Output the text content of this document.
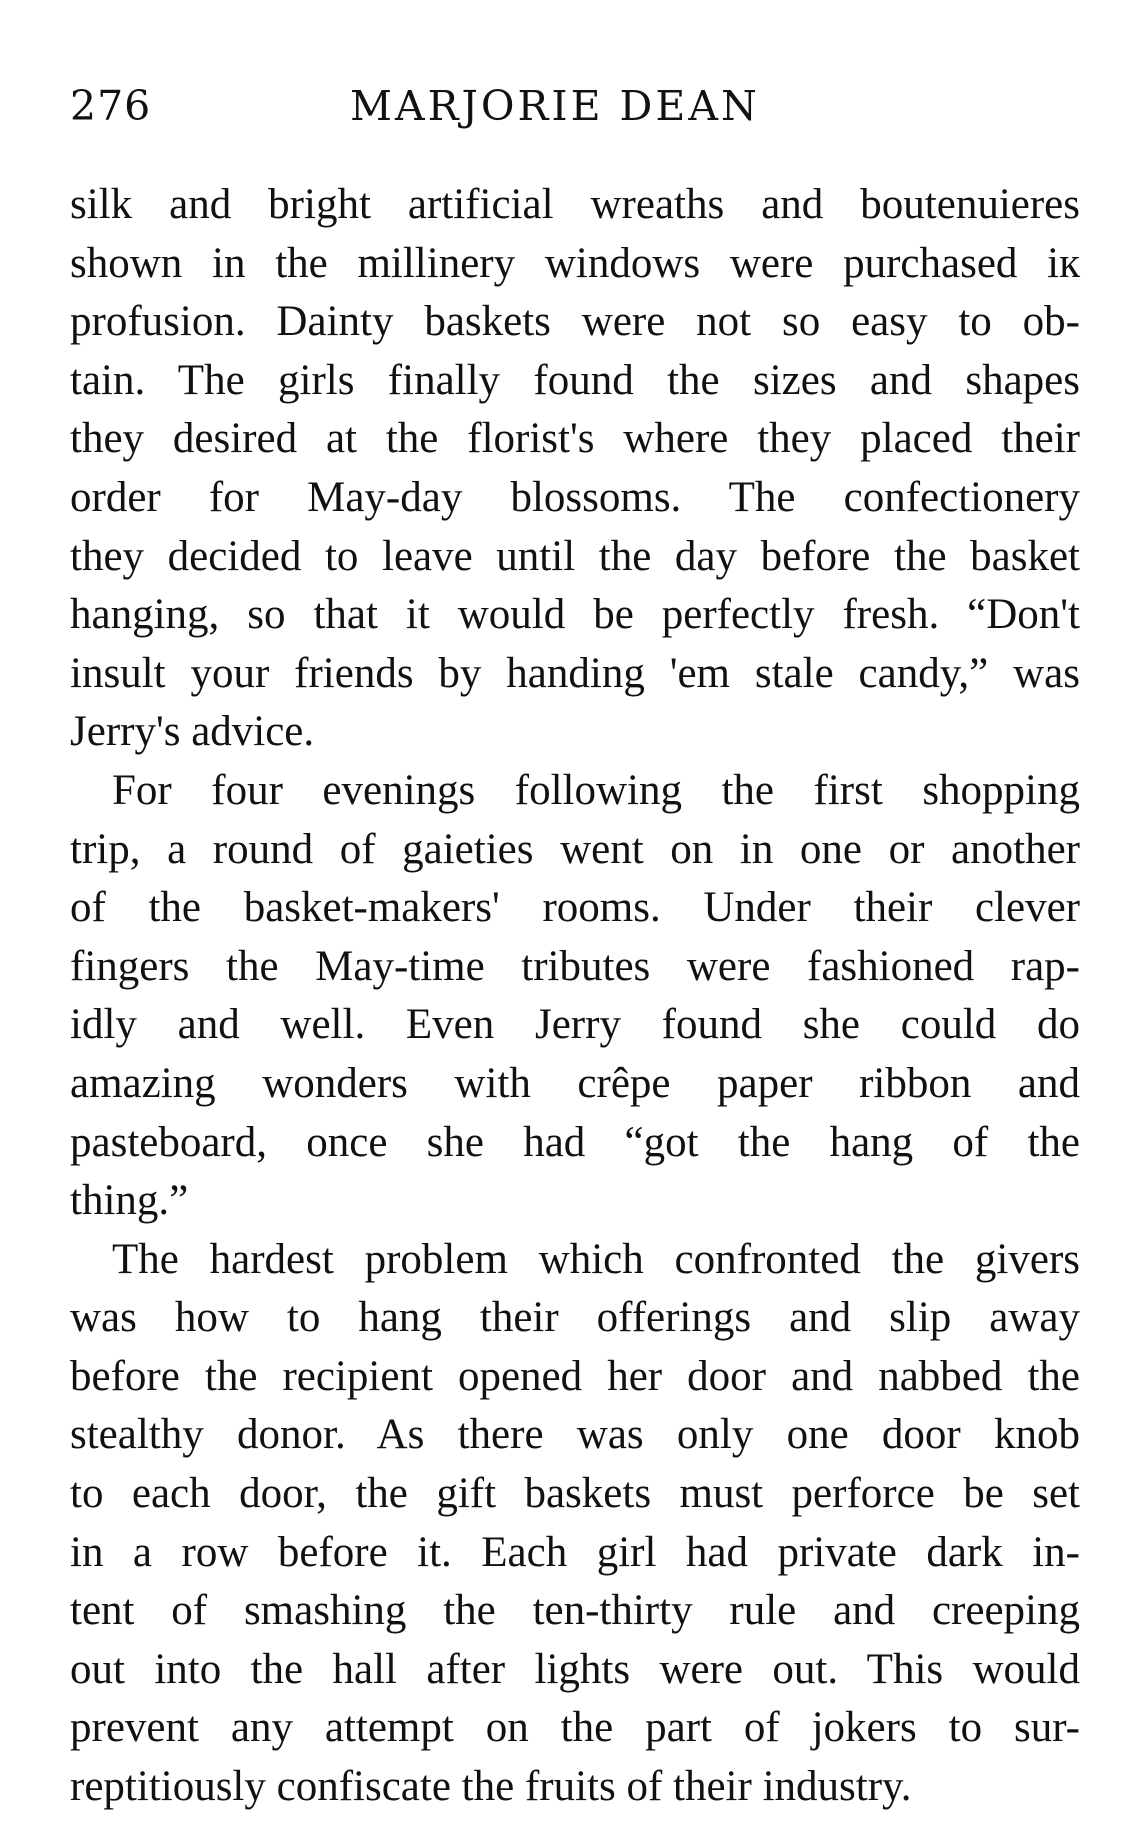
276	MARJORIE DEAN
silk and bright artificial wreaths and boutenuieres
shown in the millinery windows were purchased iк
profusion. Dainty baskets were not so easy to ob-
tain. The girls finally found the sizes and shapes
they desired at the florist's where they placed their
order for May-day blossoms. The confectionery
they decided to leave until the day before the basket
hanging, so that it would be perfectly fresh. “Don't
insult your friends by handing 'em stale candy,” was
Jerry's advice.
For four evenings following the first shopping
trip, a round of gaieties went on in one or another
of the basket-makers' rooms. Under their clever
fingers the May-time tributes were fashioned rap-
idly and well. Even Jerry found she could do
amazing wonders with crêpe paper ribbon and
pasteboard, once she had “got the hang of the
thing.”
The hardest problem which confronted the givers
was how to hang their offerings and slip away
before the recipient opened her door and nabbed the
stealthy donor. As there was only one door knob
to each door, the gift baskets must perforce be set
in a row before it. Each girl had private dark in-
tent of smashing the ten-thirty rule and creeping
out into the hall after lights were out. This would
prevent any attempt on the part of jokers to sur-
reptitiously confiscate the fruits of their industry.
